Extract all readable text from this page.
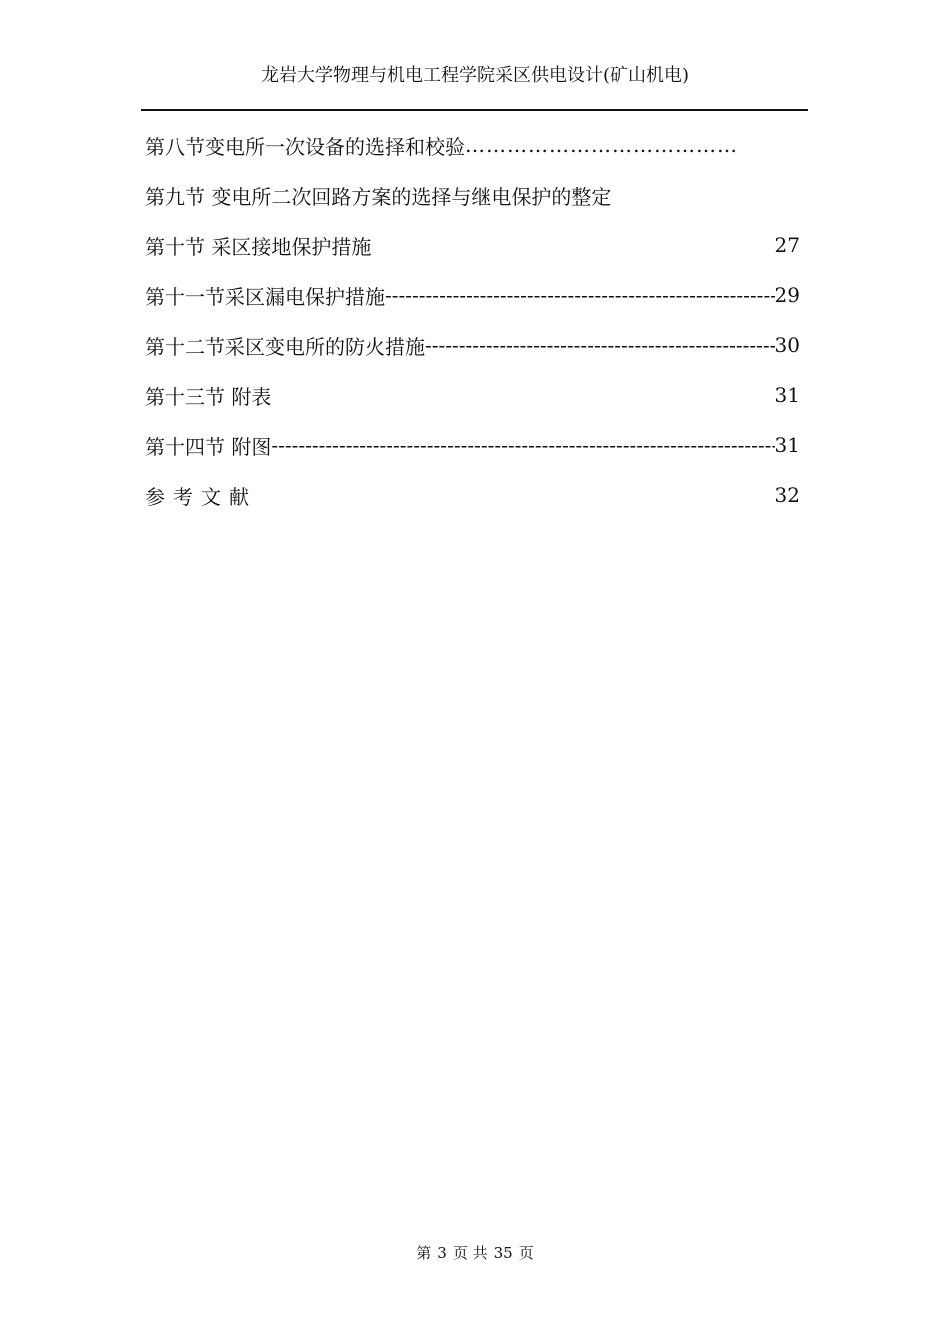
龙岩大学物理与机电工程学院采区供电设计(矿山机电)
第八节变电所一次设备的选择和校验 …………………………………
第九节 变电所二次回路方案的选择与继电保护的整定
第十节 采区接地保护措施	27
第十一节采区漏电保护措施 -----	29
第十二节采区变电所的防火措施 -----	30
第十三节 附表	31
第十四节 附图 -----	31
参考文献	32
第 3 页 共 35 页
